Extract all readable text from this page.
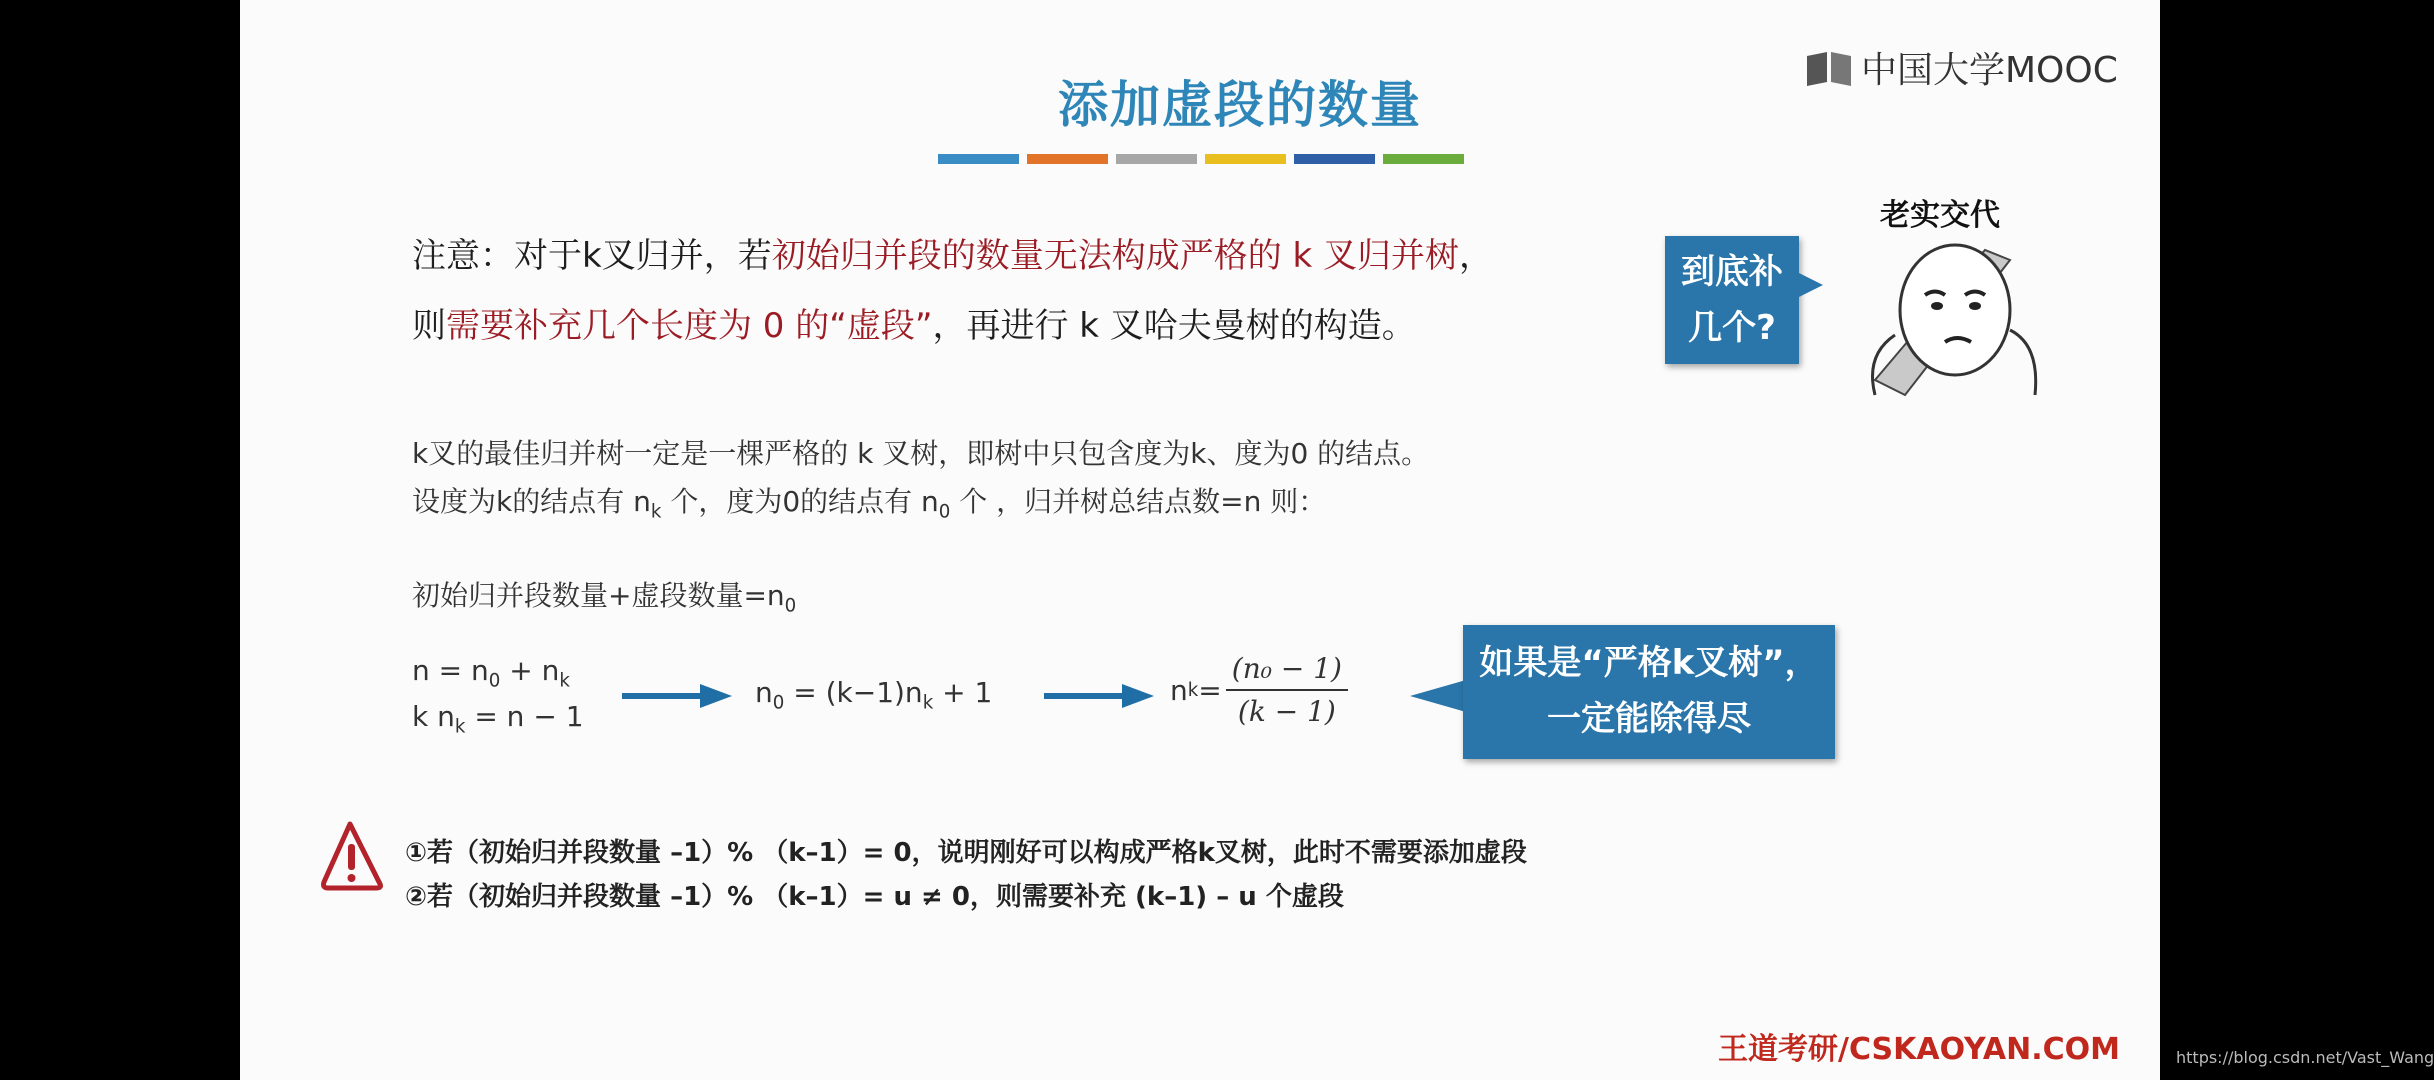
添加虚段的数量
中国大学MOOC
注意：对于k叉归并，若初始归并段的数量无法构成严格的 k 叉归并树，
则需要补充几个长度为 0 的“虚段”，再进行 k 叉哈夫曼树的构造。
到底补
几个?
老实交代
k叉的最佳归并树一定是一棵严格的 k 叉树，即树中只包含度为k、度为0 的结点。
设度为k的结点有 $n_k$ 个，度为0的结点有 $n_0$ 个 ，归并树总结点数=n 则：
初始归并段数量+虚段数量$=n_0$
$n = n_0 + n_k$
k $n_k = n - 1$
$n_0 = (k-1)n_k + 1$	n $k = \frac{\text{(n₀ − 1)}}{(k - 1)}$	如果是“严格k叉树”，
一定能除得尽
①若（初始归并段数量 –1）% （k–1）= 0，说明刚好可以构成严格k叉树，此时不需要添加虚段
②若（初始归并段数量 –1）% （k–1）= u ≠ 0，则需要补充 (k–1) – u 个虚段
王道考研/CSKAOYAN.COM	https://blog.csdn.net/Vast_Wang
